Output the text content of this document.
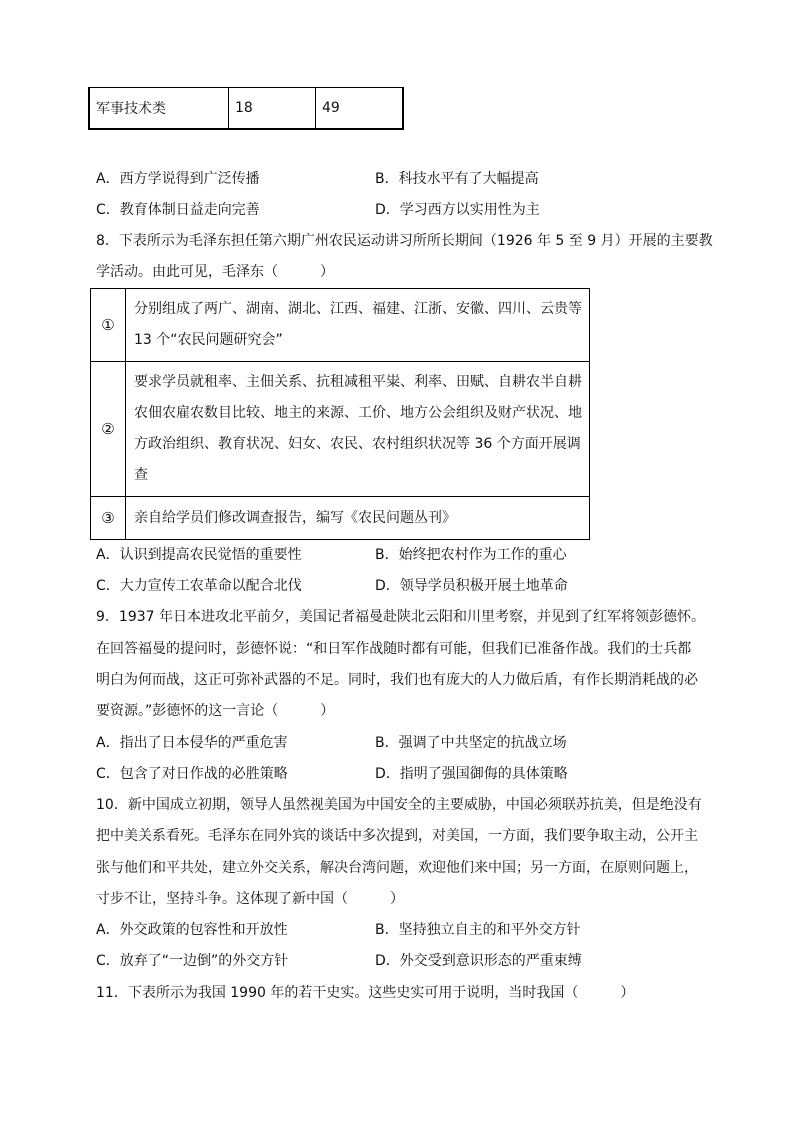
军事技术类	18	49
A．西方学说得到广泛传播	B．科技水平有了大幅提高
C．教育体制日益走向完善	D．学习西方以实用性为主
8．下表所示为毛泽东担任第六期广州农民运动讲习所所长期间（1926 年 5 至 9 月）开展的主要教
学活动。由此可见，毛泽东（　　　）
①	分别组成了两广、湖南、湖北、江西、福建、江浙、安徽、四川、云贵等
13 个“农民问题研究会”

②	要求学员就租率、主佃关系、抗租减租平粜、利率、田赋、自耕农半自耕
农佃农雇农数目比较、地主的来源、工价、地方公会组织及财产状况、地
方政治组织、教育状况、妇女、农民、农村组织状况等 36 个方面开展调
查

③	亲自给学员们修改调查报告，编写《农民问题丛刊》
A．认识到提高农民觉悟的重要性	B．始终把农村作为工作的重心
C．大力宣传工农革命以配合北伐	D．领导学员积极开展土地革命
9．1937 年日本进攻北平前夕，美国记者福曼赴陕北云阳和川里考察，并见到了红军将领彭德怀。
在回答福曼的提问时，彭德怀说：“和日军作战随时都有可能，但我们已准备作战。我们的士兵都
明白为何而战，这正可弥补武器的不足。同时，我们也有庞大的人力做后盾，有作长期消耗战的必
要资源。”彭德怀的这一言论（　　　）
A．指出了日本侵华的严重危害	B．强调了中共坚定的抗战立场
C．包含了对日作战的必胜策略	D．指明了强国御侮的具体策略
10．新中国成立初期，领导人虽然视美国为中国安全的主要威胁，中国必须联苏抗美，但是绝没有
把中美关系看死。毛泽东在同外宾的谈话中多次提到，对美国，一方面，我们要争取主动，公开主
张与他们和平共处，建立外交关系，解决台湾问题，欢迎他们来中国；另一方面，在原则问题上，
寸步不让，坚持斗争。这体现了新中国（　　　）
A．外交政策的包容性和开放性	B．坚持独立自主的和平外交方针
C．放弃了“一边倒”的外交方针	D．外交受到意识形态的严重束缚
11．下表所示为我国 1990 年的若干史实。这些史实可用于说明，当时我国（　　　）
